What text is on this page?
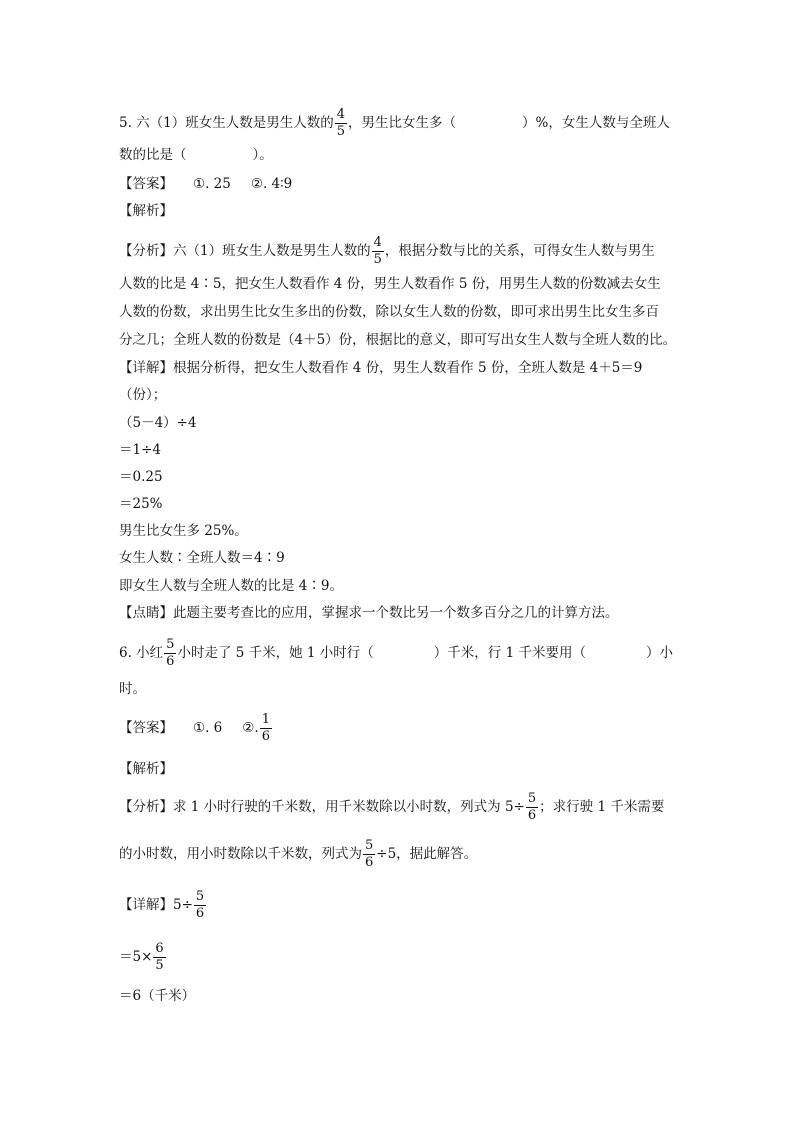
5. 六（1）班女生人数是男生人数的 $\frac{4}{5}$ ，男生比女生多（	）%，女生人数与全班人
数的比是（	）。
【答案】 ①. 25 ②. 4∶9
【解析】
【分析】六（1）班女生人数是男生人数的 $\frac{4}{5}$ ，根据分数与比的关系，可得女生人数与男生
人数的比是 4∶5，把女生人数看作 4 份，男生人数看作 5 份，用男生人数的份数减去女生
人数的份数，求出男生比女生多出的份数，除以女生人数的份数，即可求出男生比女生多百
分之几；全班人数的份数是（4＋5）份，根据比的意义，即可写出女生人数与全班人数的比。
【详解】根据分析得，把女生人数看作 4 份，男生人数看作 5 份，全班人数是 4＋5＝9
（份）；
（5－4）÷4
＝1÷4
＝0.25
＝25%
男生比女生多 25%。
女生人数∶全班人数＝4∶9
即女生人数与全班人数的比是 4∶9。
【点睛】此题主要考查比的应用，掌握求一个数比另一个数多百分之几的计算方法。
6. 小红 $\frac{5}{6}$ 小时走了 5 千米，她 1 小时行（	）千米，行 1 千米要用（	）小
时。
【答案】 ①. 6 ②. $\frac{1}{6}$
【解析】
【分析】求 1 小时行驶的千米数，用千米数除以小时数，列式为 $5\div \frac{5}{6}$ ；求行驶 1 千米需要
的小时数，用小时数除以千米数，列式为 $\frac{5}{6} \div 5$，据此解答。
【详解】$5\div \frac{5}{6}$
$=5\times \frac{6}{5}$
＝6（千米）
